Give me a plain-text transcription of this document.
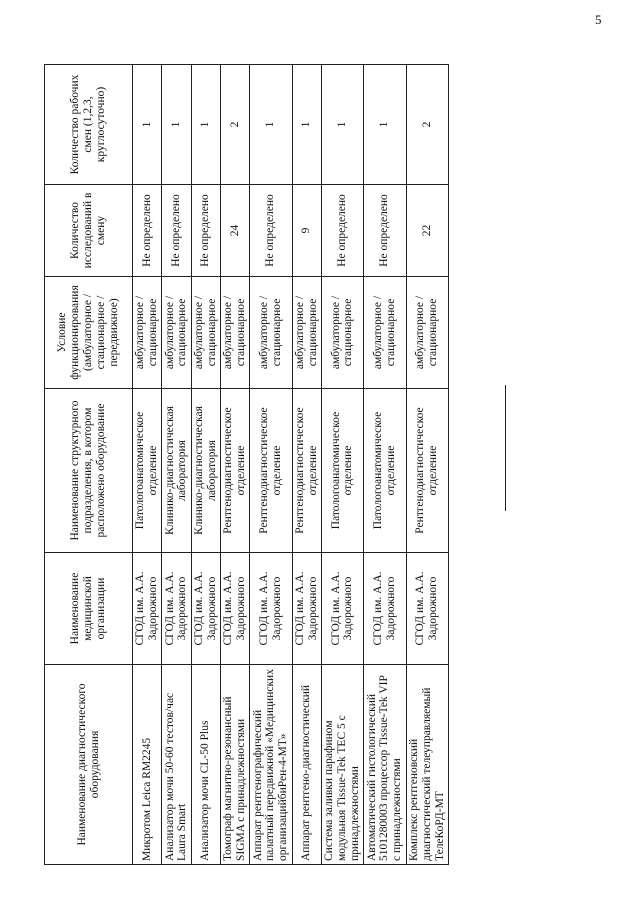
5
Наименование диагностического оборудования	Наименование медицинской организации	Наименование структурного подразделения, в котором расположено оборудование	Условие функционирования (амбулаторное / стационарное / передвижное)	Количество исследований в смену	Количество рабочих смен (1,2,3, круглосуточно)
Микротом Leica RM2245	СГОД им. А.А. Задорожного	Патологоанатомическое отделение	амбулаторное / стационарное	Не определено	1
Анализатор мочи 50-60 тестов/час Laura Smart	СГОД им. А.А. Задорожного	Клинико-диагностическая лаборатория	амбулаторное / стационарное	Не определено	1
Анализатор мочи CL-50 Plus	СГОД им. А.А. Задорожного	Клинико-диагностическая лаборатория	амбулаторное / стационарное	Не определено	1
Томограф магнитно-резонансный SIGMA с принадлежностями	СГОД им. А.А. Задорожного	Рентгенодиагностическое отделение	амбулаторное / стационарное	24	2
Аппарат рентгенографический палатный передвижной «Медицинских организацийбиРен-4-МТ»	СГОД им. А.А. Задорожного	Рентгенодиагностическое отделение	амбулаторное / стационарное	Не определено	1
Аппарат рентгено-диагностический	СГОД им. А.А. Задорожного	Рентгенодиагностическое отделение	амбулаторное / стационарное	9	1
Система заливки парафином модульная Tissue-Tek TEC 5 с принадлежностями	СГОД им. А.А. Задорожного	Патологоанатомическое отделение	амбулаторное / стационарное	Не определено	1
Автоматический гистологический 5101280003 процессор Tissue-Tek VIP с принадлежностями	СГОД им. А.А. Задорожного	Патологоанатомическое отделение	амбулаторное / стационарное	Не определено	1
Комплекс рентгеновский диагностический телеуправляемый ТелеКоРД-МТ	СГОД им. А.А. Задорожного	Рентгенодиагностическое отделение	амбулаторное / стационарное	22	2
